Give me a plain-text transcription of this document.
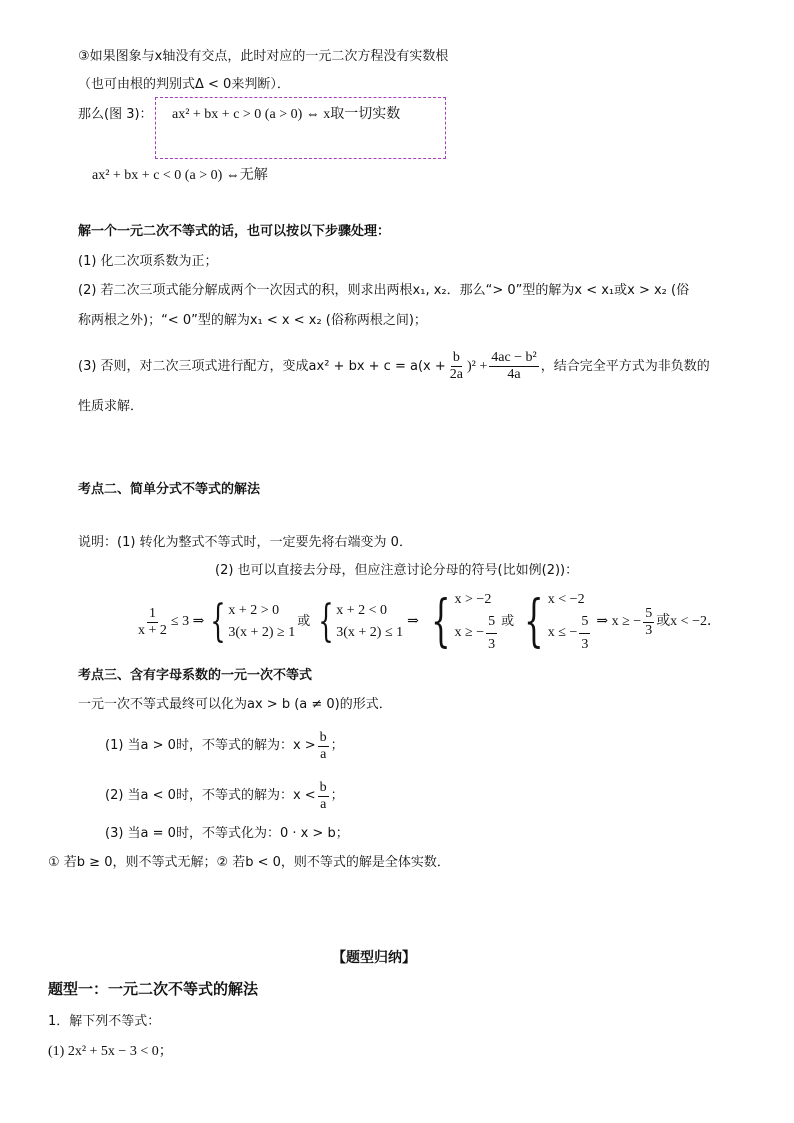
③如果图象与x轴没有交点，此时对应的一元二次方程没有实数根
（也可由根的判别式Δ < 0来判断）．
那么(图 3)： ax² + bx + c > 0 (a > 0) ⇔ x取一切实数
ax² + bx + c < 0 (a > 0) ⇔无解
解一个一元二次不等式的话，也可以按以下步骤处理：
(1) 化二次项系数为正；
(2) 若二次三项式能分解成两个一次因式的积，则求出两根x₁, x₂．那么“> 0”型的解为x < x₁或x > x₂ (俗
称两根之外)；“< 0”型的解为x₁ < x < x₂ (俗称两根之间)；
(3) 否则，对二次三项式进行配方，变成ax² + bx + $c = a(x + \frac{b}{2a} )^2 + \frac{\text{4ac − b²}}{4a}$ ，结合完全平方式为非负数的
性质求解．
考点二、简单分式不等式的解法
说明：(1) 转化为整式不等式时，一定要先将右端变为 0．
(2) 也可以直接去分母，但应注意讨论分母的符号(比如例(2))：
$\frac{1}{x + 2} \le 3$ ⇒ { x + 2 > 0
3(x + 2) ≥ 1
或 { x + 2 < 0
3(x + 2) ≤ 1
⇒ { x > −2
x ≥ − $\frac{5}{3}$ 或 { x < −2
x ≤ − $\frac{5}{3}$ ⇒ x ≥ − $\frac{5}{3}$ 或x < −2．
考点三、含有字母系数的一元一次不等式
一元一次不等式最终可以化为ax > b (a ≠ 0)的形式．
(1) 当a > 0时，不等式的解为：$x > \frac{b}{a}$ ；
(2) 当a < 0时，不等式的解为：$x < \frac{b}{a}$ ；
(3) 当a = 0时，不等式化为：0 · x > b；
① 若b ≥ 0，则不等式无解；② 若b < 0，则不等式的解是全体实数．
【题型归纳】
题型一：一元二次不等式的解法
1．解下列不等式：
(1) 2x² + 5x − 3 < 0；
